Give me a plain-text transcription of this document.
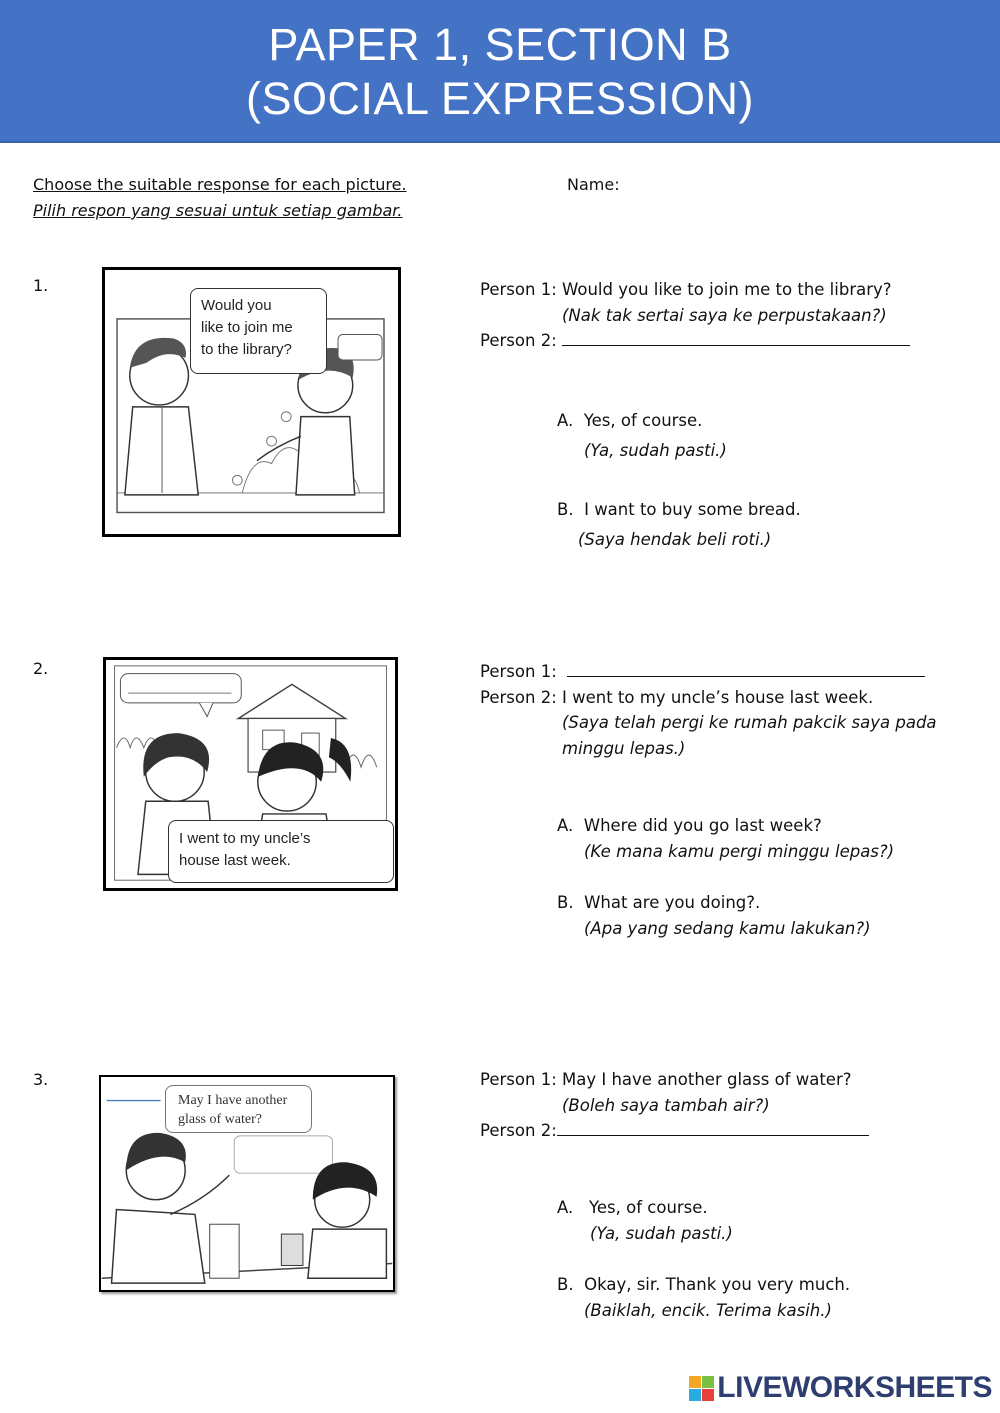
PAPER 1, SECTION B
(SOCIAL EXPRESSION)
Choose the suitable response for each picture.
Pilih respon yang sesuai untuk setiap gambar.
Name:
1.
Would you
like to join me
to the library?
Person 1: Would you like to join me to the library?
(Nak tak sertai saya ke perpustakaan?)
Person 2:
A. Yes, of course.
(Ya, sudah pasti.)
B. I want to buy some bread.
(Saya hendak beli roti.)
2.
I went to my uncle’s
house last week.
Person 1:
Person 2: I went to my uncle’s house last week.
(Saya telah pergi ke rumah pakcik saya pada
minggu lepas.)
A. Where did you go last week?
(Ke mana kamu pergi minggu lepas?)
B. What are you doing?.
(Apa yang sedang kamu lakukan?)
3.
May I have another
glass of water?
Person 1: May I have another glass of water?
(Boleh saya tambah air?)
Person 2:
A. Yes, of course.
(Ya, sudah pasti.)
B. Okay, sir. Thank you very much.
(Baiklah, encik. Terima kasih.)
LIVEWORKSHEETS
